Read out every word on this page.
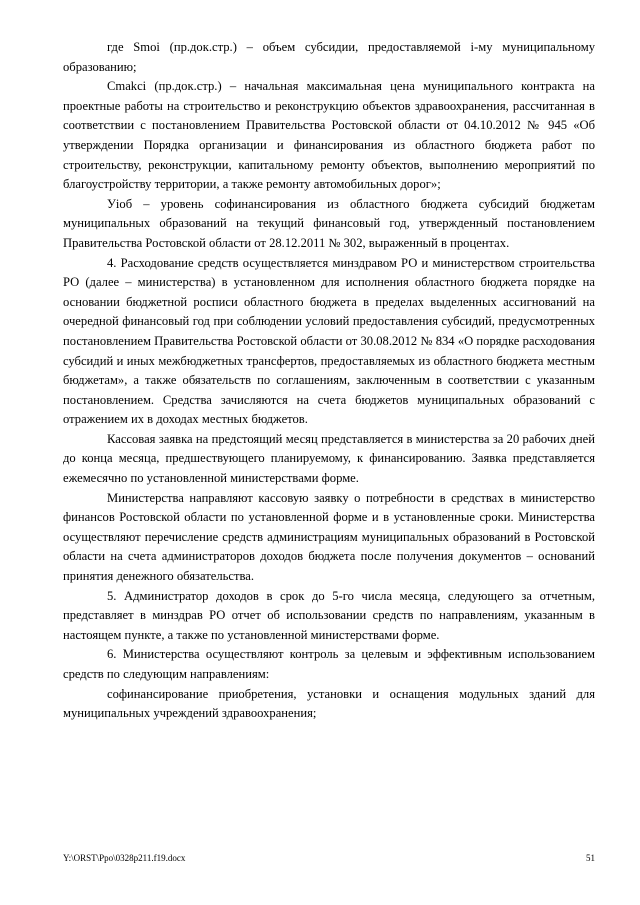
где Smoi (пр.док.стр.) – объем субсидии, предоставляемой i-му муниципальному образованию;

Cmakci (пр.док.стр.) – начальная максимальная цена муниципального контракта на проектные работы на строительство и реконструкцию объектов здравоохранения, рассчитанная в соответствии с постановлением Правительства Ростовской области от 04.10.2012 № 945 «Об утверждении Порядка организации и финансирования из областного бюджета работ по строительству, реконструкции, капитальному ремонту объектов, выполнению мероприятий по благоустройству территории, а также ремонту автомобильных дорог»;

Уiоб – уровень софинансирования из областного бюджета субсидий бюджетам муниципальных образований на текущий финансовый год, утвержденный постановлением Правительства Ростовской области от 28.12.2011 № 302, выраженный в процентах.

4. Расходование средств осуществляется минздравом РО и министерством строительства РО (далее – министерства) в установленном для исполнения областного бюджета порядке на основании бюджетной росписи областного бюджета в пределах выделенных ассигнований на очередной финансовый год при соблюдении условий предоставления субсидий, предусмотренных постановлением Правительства Ростовской области от 30.08.2012 № 834 «О порядке расходования субсидий и иных межбюджетных трансфертов, предоставляемых из областного бюджета местным бюджетам», а также обязательств по соглашениям, заключенным в соответствии с указанным постановлением. Средства зачисляются на счета бюджетов муниципальных образований с отражением их в доходах местных бюджетов.

Кассовая заявка на предстоящий месяц представляется в министерства за 20 рабочих дней до конца месяца, предшествующего планируемому, к финансированию. Заявка представляется ежемесячно по установленной министерствами форме.

Министерства направляют кассовую заявку о потребности в средствах в министерство финансов Ростовской области по установленной форме и в установленные сроки. Министерства осуществляют перечисление средств администрациям муниципальных образований в Ростовской области на счета администраторов доходов бюджета после получения документов – оснований принятия денежного обязательства.

5. Администратор доходов в срок до 5-го числа месяца, следующего за отчетным, представляет в минздрав РО отчет об использовании средств по направлениям, указанным в настоящем пункте, а также по установленной министерствами форме.

6. Министерства осуществляют контроль за целевым и эффективным использованием средств по следующим направлениям:

софинансирование приобретения, установки и оснащения модульных зданий для муниципальных учреждений здравоохранения;

Y:\ORST\Ppo\0328p211.f19.docx	51
